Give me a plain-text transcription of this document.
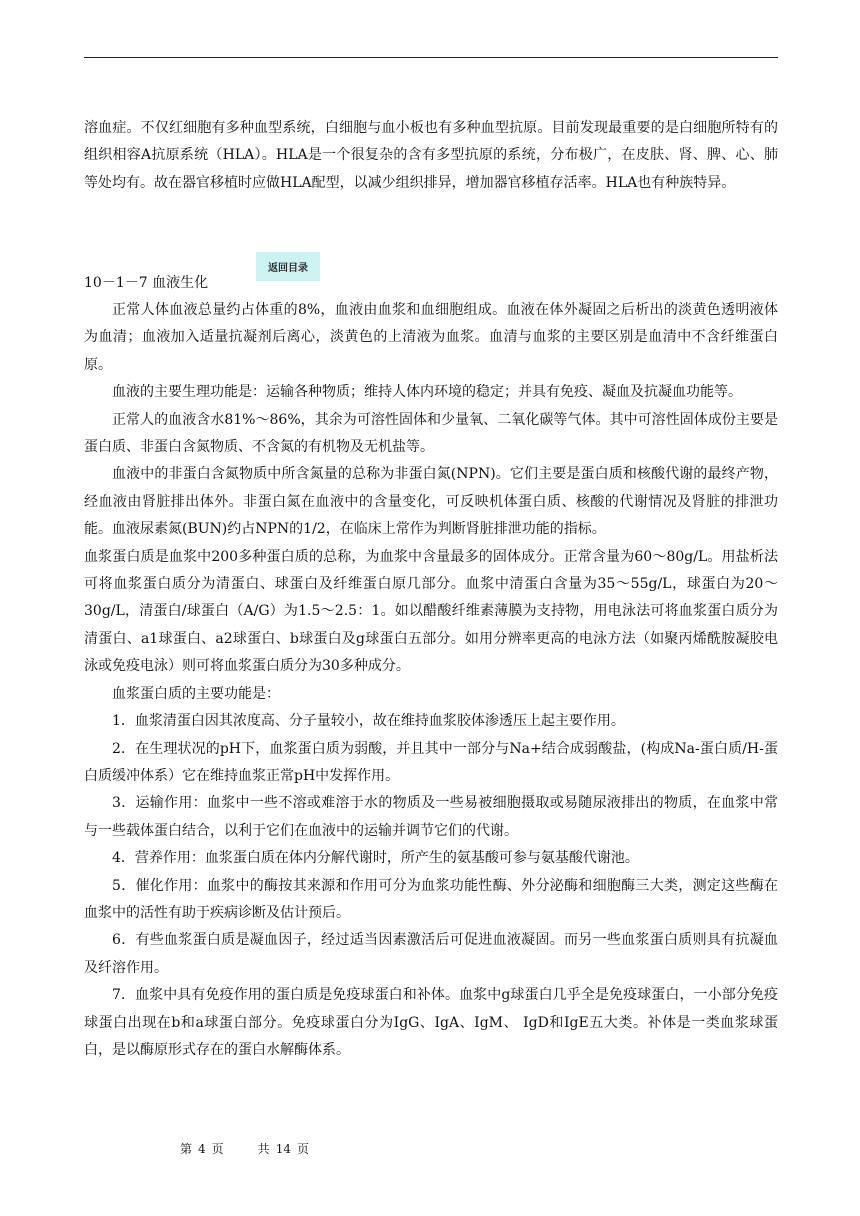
溶血症。不仅红细胞有多种血型系统，白细胞与血小板也有多种血型抗原。目前发现最重要的是白细胞所特有的组织相容A抗原系统（HLA）。HLA是一个很复杂的含有多型抗原的系统，分布极广，在皮肤、肾、脾、心、肺等处均有。故在器官移植时应做HLA配型，以减少组织排异，增加器官移植存活率。HLA也有种族特异。

返回目录
10－1－7 血液生化

正常人体血液总量约占体重的8%，血液由血浆和血细胞组成。血液在体外凝固之后析出的淡黄色透明液体为血清；血液加入适量抗凝剂后离心，淡黄色的上清液为血浆。血清与血浆的主要区别是血清中不含纤维蛋白原。

血液的主要生理功能是：运输各种物质；维持人体内环境的稳定；并具有免疫、凝血及抗凝血功能等。

正常人的血液含水81%～86%，其余为可溶性固体和少量氧、二氧化碳等气体。其中可溶性固体成份主要是蛋白质、非蛋白含氮物质、不含氮的有机物及无机盐等。

血液中的非蛋白含氮物质中所含氮量的总称为非蛋白氮(NPN)。它们主要是蛋白质和核酸代谢的最终产物，经血液由肾脏排出体外。非蛋白氮在血液中的含量变化，可反映机体蛋白质、核酸的代谢情况及肾脏的排泄功能。血液尿素氮(BUN)约占NPN的1/2，在临床上常作为判断肾脏排泄功能的指标。

血浆蛋白质是血浆中200多种蛋白质的总称，为血浆中含量最多的固体成分。正常含量为60～80g/L。用盐析法可将血浆蛋白质分为清蛋白、球蛋白及纤维蛋白原几部分。血浆中清蛋白含量为35～55g/L，球蛋白为20～30g/L，清蛋白/球蛋白（A/G）为1.5～2.5：1。如以醋酸纤维素薄膜为支持物，用电泳法可将血浆蛋白质分为清蛋白、a1球蛋白、a2球蛋白、b球蛋白及g球蛋白五部分。如用分辨率更高的电泳方法（如聚丙烯酰胺凝胶电泳或免疫电泳）则可将血浆蛋白质分为30多种成分。

血浆蛋白质的主要功能是：

1．血浆清蛋白因其浓度高、分子量较小，故在维持血浆胶体渗透压上起主要作用。

2．在生理状况的pH下，血浆蛋白质为弱酸，并且其中一部分与Na+结合成弱酸盐，(构成Na-蛋白质/H-蛋白质缓冲体系）它在维持血浆正常pH中发挥作用。

3．运输作用：血浆中一些不溶或难溶于水的物质及一些易被细胞摄取或易随尿液排出的物质，在血浆中常与一些载体蛋白结合，以利于它们在血液中的运输并调节它们的代谢。

4．营养作用：血浆蛋白质在体内分解代谢时，所产生的氨基酸可参与氨基酸代谢池。

5．催化作用：血浆中的酶按其来源和作用可分为血浆功能性酶、外分泌酶和细胞酶三大类，测定这些酶在血浆中的活性有助于疾病诊断及估计预后。

6．有些血浆蛋白质是凝血因子，经过适当因素激活后可促进血液凝固。而另一些血浆蛋白质则具有抗凝血及纤溶作用。

7．血浆中具有免疫作用的蛋白质是免疫球蛋白和补体。血浆中g球蛋白几乎全是免疫球蛋白，一小部分免疫球蛋白出现在b和a球蛋白部分。免疫球蛋白分为IgG、IgA、IgM、 IgD和IgE五大类。补体是一类血浆球蛋白，是以酶原形式存在的蛋白水解酶体系。

第 4 页	共 14 页
